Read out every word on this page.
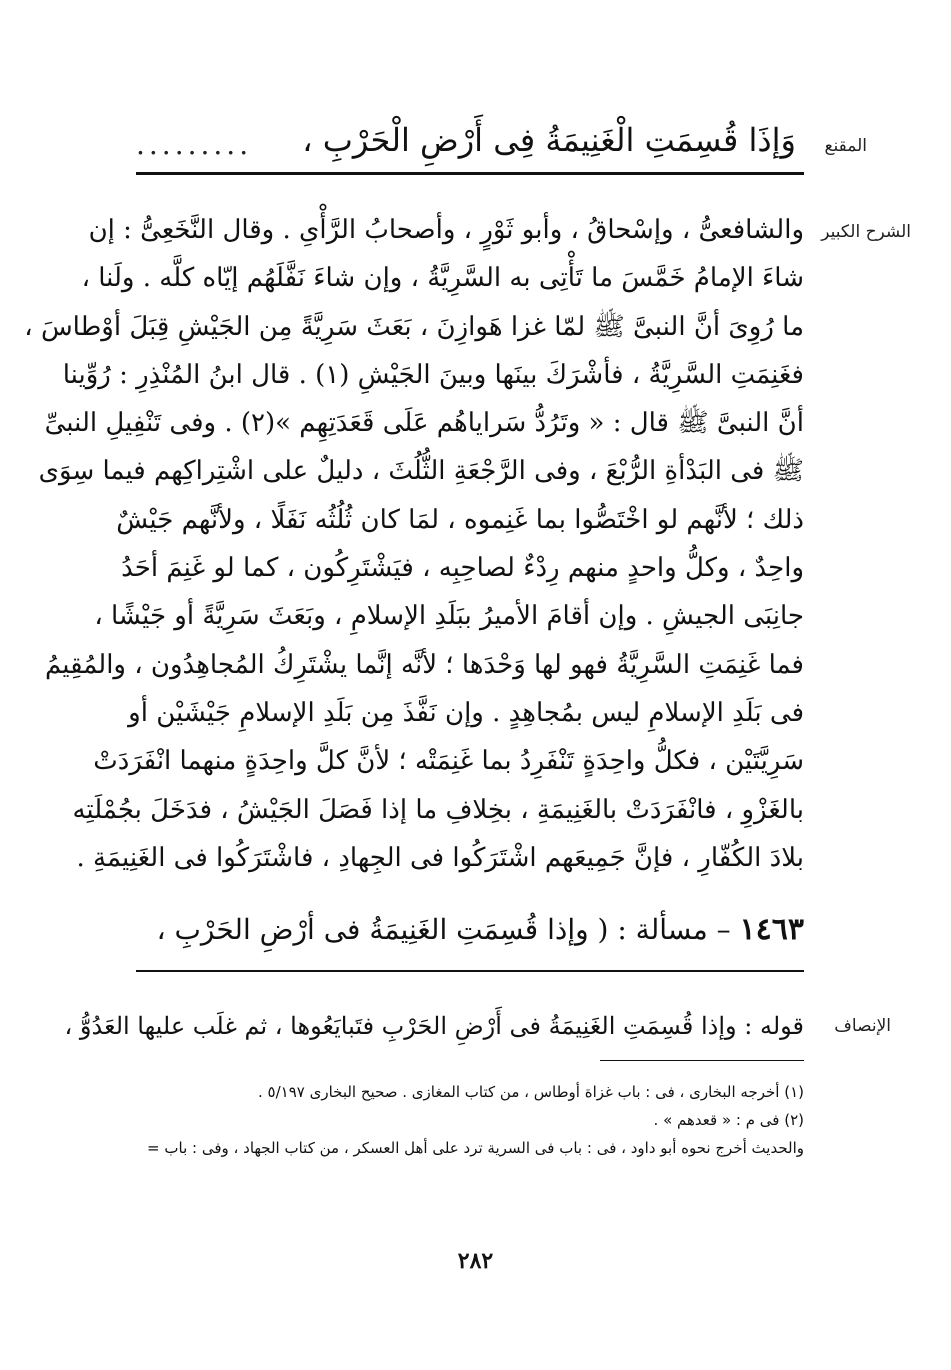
المقنع
وَإذَا قُسِمَتِ الْغَنِيمَةُ فِى أَرْضِ الْحَرْبِ ،
.........
الشرح الكبير
والشافعىُّ ، وإسْحاقُ ، وأبو ثَوْرٍ ، وأصحابُ الرَّأْىِ . وقال النَّخَعِىُّ : إن
شاءَ الإمامُ خَمَّسَ ما تَأْتِى به السَّرِيَّةُ ، وإن شاءَ نَفَّلَهُم إيّاه كلَّه . ولَنا ،
ما رُوِىَ أنَّ النبىَّ ﷺ لمّا غزا هَوازِنَ ، بَعَثَ سَرِيَّةً مِن الجَيْشِ قِبَلَ أوْطاسَ ،
فغَنِمَتِ السَّرِيَّةُ ، فأشْرَكَ بينَها وبينَ الجَيْشِ (١) . قال ابنُ المُنْذِرِ : رُوِّينا
أنَّ النبىَّ ﷺ قال : « وتَرُدُّ سَراياهُم عَلَى قَعَدَتِهِم »(٢) . وفى تَنْفِيلِ النبىِّ
ﷺ فى البَدْأةِ الرُّبْعَ ، وفى الرَّجْعَةِ الثُّلُثَ ، دليلٌ على اشْتِراكِهم فيما سِوَى
ذلك ؛ لأنَّهم لو اخْتَصُّوا بما غَنِموه ، لمَا كان ثُلُثُه نَفَلًا ، ولأنَّهم جَيْشٌ
واحِدٌ ، وكلُّ واحدٍ منهم رِدْءٌ لصاحِبِه ، فيَشْتَرِكُون ، كما لو غَنِمَ أحَدُ
جانِبَى الجيشِ . وإن أقامَ الأميرُ ببَلَدِ الإسلامِ ، وبَعَثَ سَرِيَّةً أو جَيْشًا ،
فما غَنِمَتِ السَّرِيَّةُ فهو لها وَحْدَها ؛ لأنَّه إنَّما يشْتَرِكُ المُجاهِدُون ، والمُقِيمُ
فى بَلَدِ الإسلامِ ليس بمُجاهِدٍ . وإن نَفَّذَ مِن بَلَدِ الإسلامِ جَيْشَيْن أو
سَرِيَّتَيْن ، فكلُّ واحِدَةٍ تَنْفَرِدُ بما غَنِمَتْه ؛ لأنَّ كلَّ واحِدَةٍ منهما انْفَرَدَتْ
بالغَزْوِ ، فانْفَرَدَتْ بالغَنِيمَةِ ، بخِلافِ ما إذا فَصَلَ الجَيْشُ ، فدَخَلَ بجُمْلَتِه
بلادَ الكُفّارِ ، فإنَّ جَمِيعَهم اشْتَرَكُوا فى الجِهادِ ، فاشْتَرَكُوا فى الغَنِيمَةِ .
١٤٦٣ – مسألة : ( وإذا قُسِمَتِ الغَنِيمَةُ فى أرْضِ الحَرْبِ ،
الإنصاف
قوله : وإذا قُسِمَتِ الغَنِيمَةُ فى أَرْضِ الحَرْبِ فتَبايَعُوها ، ثم غلَب عليها العَدُوُّ ،
(١) أخرجه البخارى ، فى : باب غزاة أوطاس ، من كتاب المغازى . صحيح البخارى ٥/١٩٧ .
(٢) فى م : « قعدهم » .
والحديث أخرج نحوه أبو داود ، فى : باب فى السرية ترد على أهل العسكر ، من كتاب الجهاد ، وفى : باب =
٢٨٢
